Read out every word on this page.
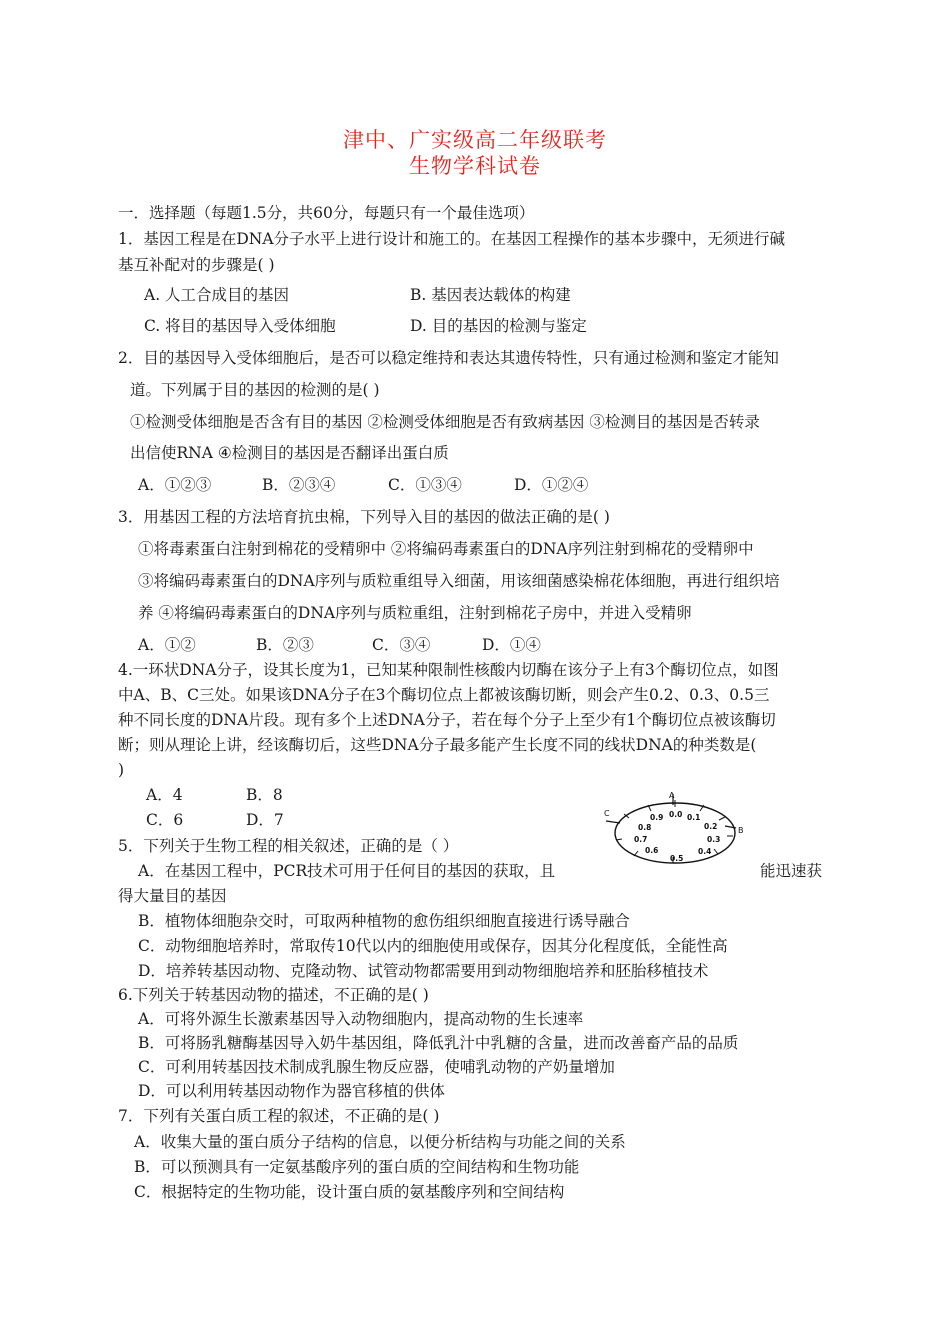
津中、广实级高二年级联考
生物学科试卷
一．选择题（每题1.5分，共60分，每题只有一个最佳选项）
1．基因工程是在DNA分子水平上进行设计和施工的。在基因工程操作的基本步骤中，无须进行碱
基互补配对的步骤是( )
A. 人工合成目的基因	B. 基因表达载体的构建
C. 将目的基因导入受体细胞	D. 目的基因的检测与鉴定
2．目的基因导入受体细胞后，是否可以稳定维持和表达其遗传特性，只有通过检测和鉴定才能知
道。下列属于目的基因的检测的是( )
①检测受体细胞是否含有目的基因 ②检测受体细胞是否有致病基因 ③检测目的基因是否转录
出信使RNA ④检测目的基因是否翻译出蛋白质
A．①②③	B．②③④	C．①③④	D．①②④
3．用基因工程的方法培育抗虫棉，下列导入目的基因的做法正确的是( )
①将毒素蛋白注射到棉花的受精卵中 ②将编码毒素蛋白的DNA序列注射到棉花的受精卵中
③将编码毒素蛋白的DNA序列与质粒重组导入细菌，用该细菌感染棉花体细胞，再进行组织培
养 ④将编码毒素蛋白的DNA序列与质粒重组，注射到棉花子房中，并进入受精卵
A．①②	B．②③	C．③④	D．①④
4.一环状DNA分子，设其长度为1，已知某种限制性核酸内切酶在该分子上有3个酶切位点，如图
中A、B、C三处。如果该DNA分子在3个酶切位点上都被该酶切断，则会产生0.2、0.3、0.5三
种不同长度的DNA片段。现有多个上述DNA分子，若在每个分子上至少有1个酶切位点被该酶切
断；则从理论上讲，经该酶切后，这些DNA分子最多能产生长度不同的线状DNA的种类数是(
)
A．4	B．8
C．6	D．7
A
B
C	0.0 0.1
0.2
0.3
0.4
0.5
0.6
0.7
0.8
0.9
5．下列关于生物工程的相关叙述，正确的是（ ）
A．在基因工程中，PCR技术可用于任何目的基因的获取，且	能迅速获
得大量目的基因
B．植物体细胞杂交时，可取两种植物的愈伤组织细胞直接进行诱导融合
C．动物细胞培养时，常取传10代以内的细胞使用或保存，因其分化程度低，全能性高
D．培养转基因动物、克隆动物、试管动物都需要用到动物细胞培养和胚胎移植技术
6.下列关于转基因动物的描述，不正确的是( )
A．可将外源生长激素基因导入动物细胞内，提高动物的生长速率
B．可将肠乳糖酶基因导入奶牛基因组，降低乳汁中乳糖的含量，进而改善畜产品的品质
C．可利用转基因技术制成乳腺生物反应器，使哺乳动物的产奶量增加
D．可以利用转基因动物作为器官移植的供体
7．下列有关蛋白质工程的叙述，不正确的是( )
A．收集大量的蛋白质分子结构的信息，以便分析结构与功能之间的关系
B．可以预测具有一定氨基酸序列的蛋白质的空间结构和生物功能
C．根据特定的生物功能，设计蛋白质的氨基酸序列和空间结构
